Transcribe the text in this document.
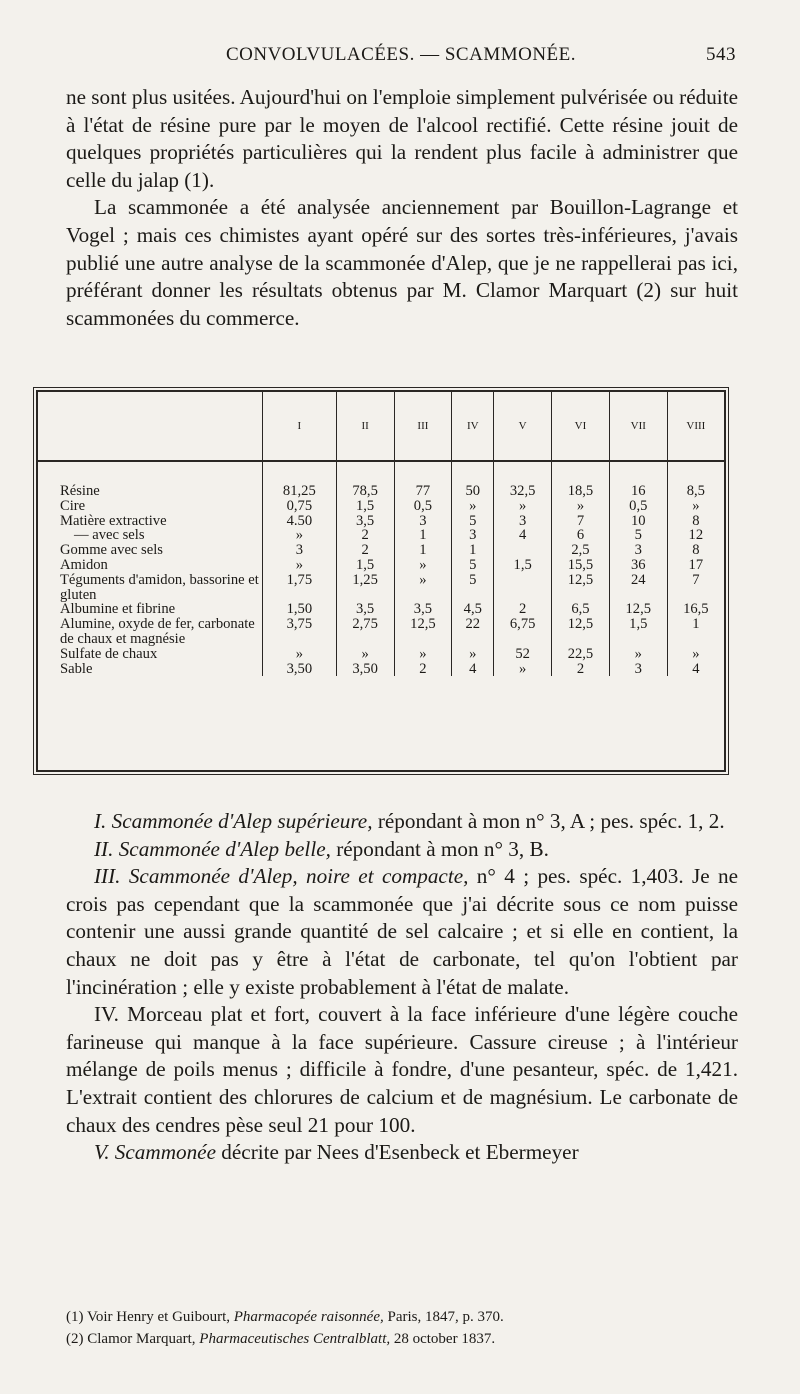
CONVOLVULACÉES. — SCAMMONÉE.	543

ne sont plus usitées. Aujourd'hui on l'emploie simplement pulvérisée ou réduite à l'état de résine pure par le moyen de l'alcool rectifié. Cette résine jouit de quelques propriétés particulières qui la rendent plus facile à administrer que celle du jalap (1).

La scammonée a été analysée anciennement par Bouillon-Lagrange et Vogel ; mais ces chimistes ayant opéré sur des sortes très-inférieures, j'avais publié une autre analyse de la scammonée d'Alep, que je ne rappellerai pas ici, préférant donner les résultats obtenus par M. Clamor Marquart (2) sur huit scammonées du commerce.

	I	II	III	IV	V	VI	VII	VIII
Résine	81,25	78,5	77	50	32,5	18,5	16	8,5
Cire	0,75	1,5	0,5	»	»	»	0,5	»
Matière extractive	4.50	3,5	3	5	3	7	10	8
— avec sels	»	2	1	3	4	6	5	12
Gomme avec sels	3	2	1	1		2,5	3	8
Amidon	»	1,5	»	5	1,5	15,5	36	17
Téguments d'amidon, bassorine et gluten	1,75	1,25	»	5		12,5	24	7
Albumine et fibrine	1,50	3,5	3,5	4,5	2	6,5	12,5	16,5
Alumine, oxyde de fer, carbonate de chaux et magnésie	3,75	2,75	12,5	22	6,75	12,5	1,5	1
Sulfate de chaux	»	»	»	»	52	22,5	»	»
Sable	3,50	3,50	2	4	»	2	3	4

I. Scammonée d'Alep supérieure, répondant à mon n° 3, A ; pes. spéc. 1, 2.

II. Scammonée d'Alep belle, répondant à mon n° 3, B.

III. Scammonée d'Alep, noire et compacte, n° 4 ; pes. spéc. 1,403. Je ne crois pas cependant que la scammonée que j'ai décrite sous ce nom puisse contenir une aussi grande quantité de sel calcaire ; et si elle en contient, la chaux ne doit pas y être à l'état de carbonate, tel qu'on l'obtient par l'incinération ; elle y existe probablement à l'état de malate.

IV. Morceau plat et fort, couvert à la face inférieure d'une légère couche farineuse qui manque à la face supérieure. Cassure cireuse ; à l'intérieur mélange de poils menus ; difficile à fondre, d'une pesanteur, spéc. de 1,421. L'extrait contient des chlorures de calcium et de magnésium. Le carbonate de chaux des cendres pèse seul 21 pour 100.

V. Scammonée décrite par Nees d'Esenbeck et Ebermeyer

(1) Voir Henry et Guibourt, Pharmacopée raisonnée, Paris, 1847, p. 370.

(2) Clamor Marquart, Pharmaceutisches Centralblatt, 28 october 1837.
